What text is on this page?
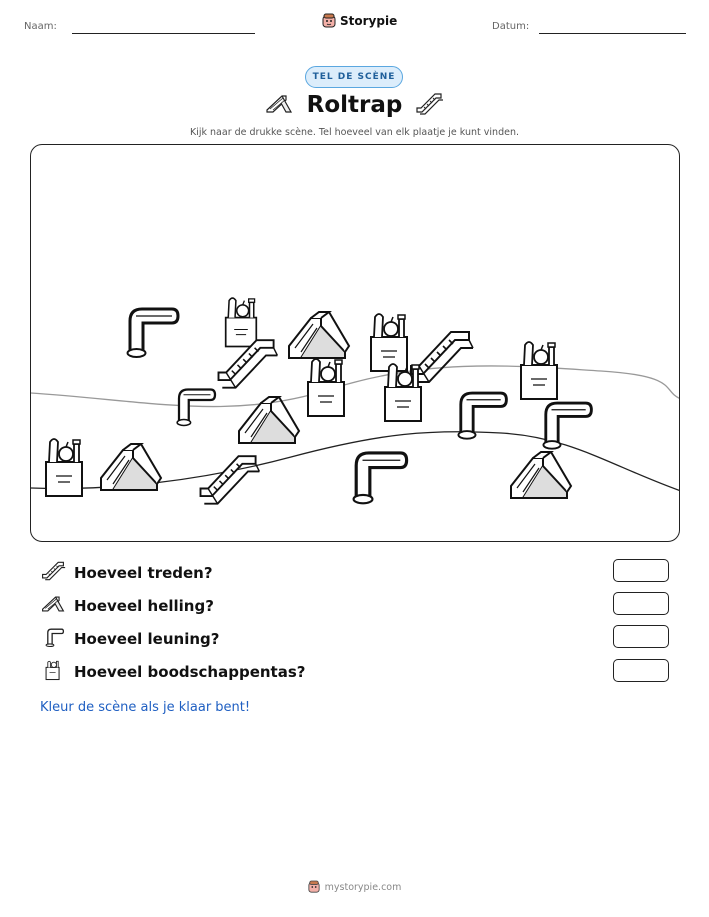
Naam:	Storypie	Datum:
TEL DE SCÈNE
Roltrap
Kijk naar de drukke scène. Tel hoeveel van elk plaatje je kunt vinden.
Hoeveel treden?
Hoeveel helling?
Hoeveel leuning?
Hoeveel boodschappentas?
Kleur de scène als je klaar bent!
mystorypie.com
